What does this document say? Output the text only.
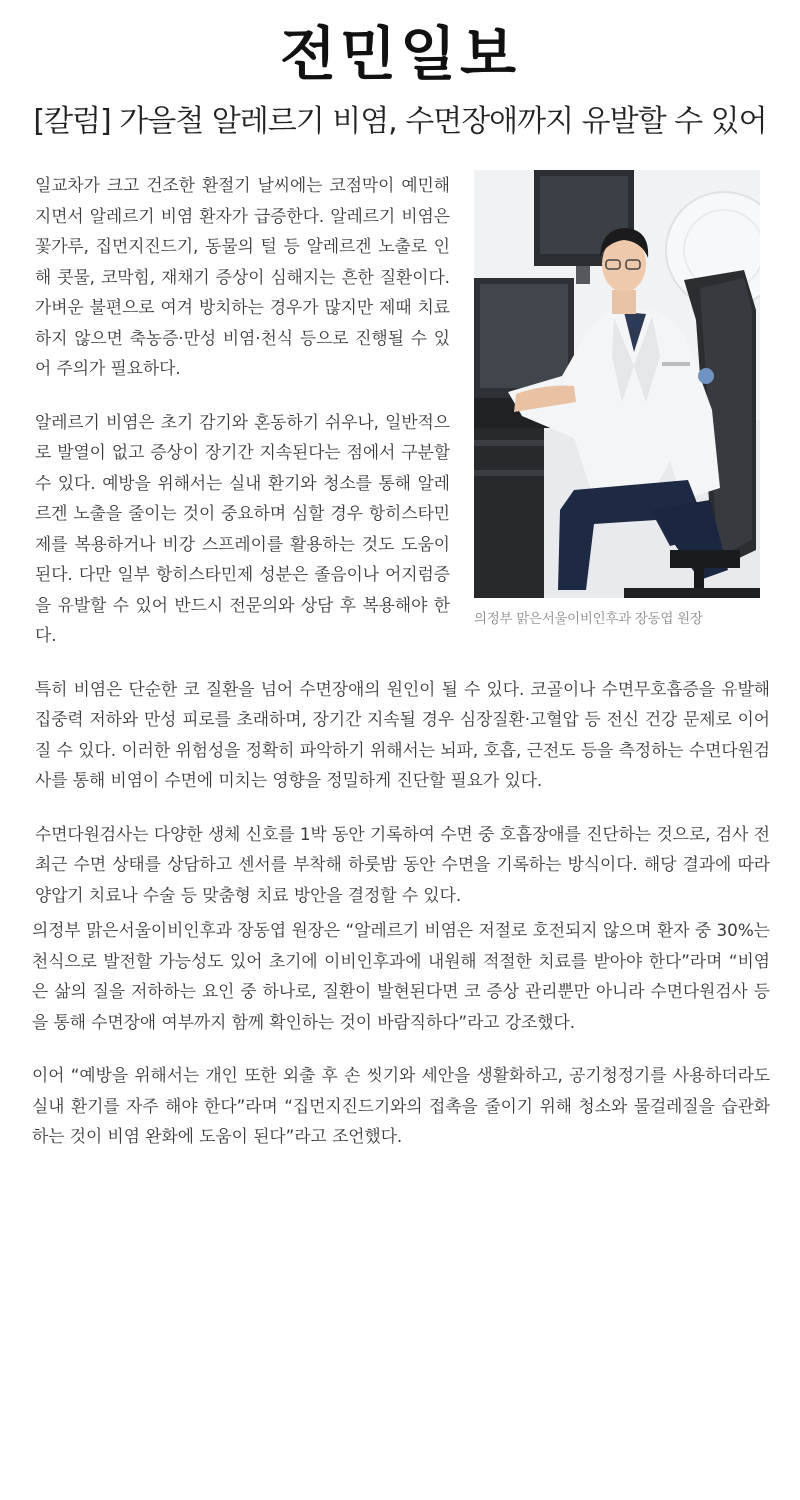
전민일보
[칼럼] 가을철 알레르기 비염, 수면장애까지 유발할 수 있어
의정부 맑은서울이비인후과 장동엽 원장

일교차가 크고 건조한 환절기 날씨에는 코점막이 예민해지면서 알레르기 비염 환자가 급증한다. 알레르기 비염은 꽃가루, 집먼지진드기, 동물의 털 등 알레르겐 노출로 인해 콧물, 코막힘, 재채기 증상이 심해지는 흔한 질환이다. 가벼운 불편으로 여겨 방치하는 경우가 많지만 제때 치료하지 않으면 축농증·만성 비염·천식 등으로 진행될 수 있어 주의가 필요하다.

알레르기 비염은 초기 감기와 혼동하기 쉬우나, 일반적으로 발열이 없고 증상이 장기간 지속된다는 점에서 구분할 수 있다. 예방을 위해서는 실내 환기와 청소를 통해 알레르겐 노출을 줄이는 것이 중요하며 심할 경우 항히스타민제를 복용하거나 비강 스프레이를 활용하는 것도 도움이 된다. 다만 일부 항히스타민제 성분은 졸음이나 어지럼증을 유발할 수 있어 반드시 전문의와 상담 후 복용해야 한다.

특히 비염은 단순한 코 질환을 넘어 수면장애의 원인이 될 수 있다. 코골이나 수면무호흡증을 유발해 집중력 저하와 만성 피로를 초래하며, 장기간 지속될 경우 심장질환·고혈압 등 전신 건강 문제로 이어질 수 있다. 이러한 위험성을 정확히 파악하기 위해서는 뇌파, 호흡, 근전도 등을 측정하는 수면다원검사를 통해 비염이 수면에 미치는 영향을 정밀하게 진단할 필요가 있다.

수면다원검사는 다양한 생체 신호를 1박 동안 기록하여 수면 중 호흡장애를 진단하는 것으로, 검사 전 최근 수면 상태를 상담하고 센서를 부착해 하룻밤 동안 수면을 기록하는 방식이다. 해당 결과에 따라 양압기 치료나 수술 등 맞춤형 치료 방안을 결정할 수 있다.

의정부 맑은서울이비인후과 장동엽 원장은 “알레르기 비염은 저절로 호전되지 않으며 환자 중 30%는 천식으로 발전할 가능성도 있어 초기에 이비인후과에 내원해 적절한 치료를 받아야 한다”라며 “비염은 삶의 질을 저하하는 요인 중 하나로, 질환이 발현된다면 코 증상 관리뿐만 아니라 수면다원검사 등을 통해 수면장애 여부까지 함께 확인하는 것이 바람직하다”라고 강조했다.

이어 “예방을 위해서는 개인 또한 외출 후 손 씻기와 세안을 생활화하고, 공기청정기를 사용하더라도 실내 환기를 자주 해야 한다”라며 “집먼지진드기와의 접촉을 줄이기 위해 청소와 물걸레질을 습관화하는 것이 비염 완화에 도움이 된다”라고 조언했다.
